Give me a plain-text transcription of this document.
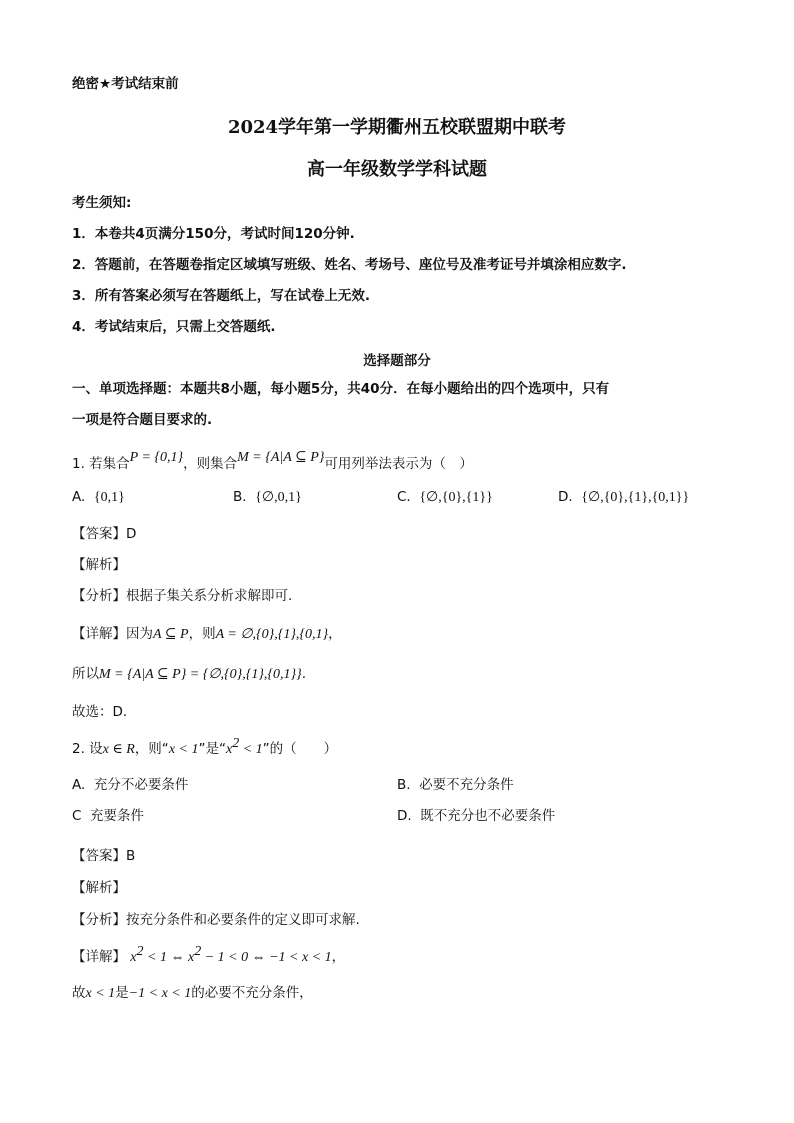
绝密★考试结束前
2024学年第一学期衢州五校联盟期中联考
高一年级数学学科试题
考生须知:
1．本卷共4页满分150分，考试时间120分钟.
2．答题前，在答题卷指定区域填写班级、姓名、考场号、座位号及准考证号并填涂相应数字.
3．所有答案必须写在答题纸上，写在试卷上无效.
4．考试结束后，只需上交答题纸.
选择题部分
一、单项选择题：本题共8小题，每小题5分，共40分．在每小题给出的四个选项中，只有
一项是符合题目要求的.
1. 若集合P = {0,1}，则集合M = {A|A ⊆ P}可用列举法表示为（　）
A. {0,1}	B. {∅,0,1}	C. {∅,{0},{1}}	D. {∅,{0},{1},{0,1}}
【答案】D
【解析】
【分析】根据子集关系分析求解即可.
【详解】因为A ⊆ P，则A = ∅,{0},{1},{0,1}，
所以M = {A|A ⊆ P} = {∅,{0},{1},{0,1}}.
故选：D.
2. 设x ∈ R，则“x < 1”是“$x^2 < 1$”的（　　）
A. 充分不必要条件	B. 必要不充分条件
C 充要条件	D. 既不充分也不必要条件
【答案】B
【解析】
【分析】按充分条件和必要条件的定义即可求解.
【详解】 $x^2 < 1$ ⇔ $x^2 - 1 < 0$ ⇔ −1 < x < 1，
故x < 1是−1 < x < 1的必要不充分条件，
